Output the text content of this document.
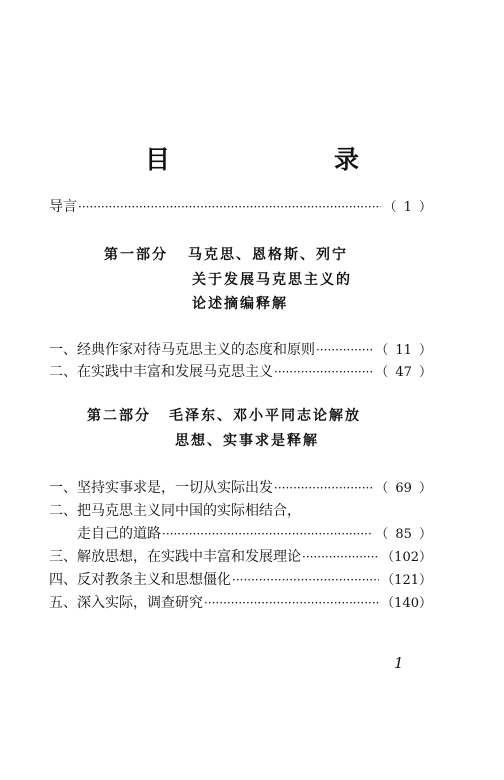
目　　录
导言 ·····	（ 1 ）
第一部分 马克思、恩格斯、列宁
关于发展马克思主义的
论述摘编释解
一、经典作家对待马克思主义的态度和原则 ·····	（ 11 ）
二、在实践中丰富和发展马克思主义 ·····	（ 47 ）
第二部分 毛泽东、邓小平同志论解放
思想、实事求是释解
一、坚持实事求是，一切从实际出发 ·····	（ 69 ）
二、把马克思主义同中国的实际相结合，
走自己的道路 ·····	（ 85 ）
三、解放思想，在实践中丰富和发展理论 ·····	（102）
四、反对教条主义和思想僵化 ·····	（121）
五、深入实际，调查研究 ·····	（140）
1
